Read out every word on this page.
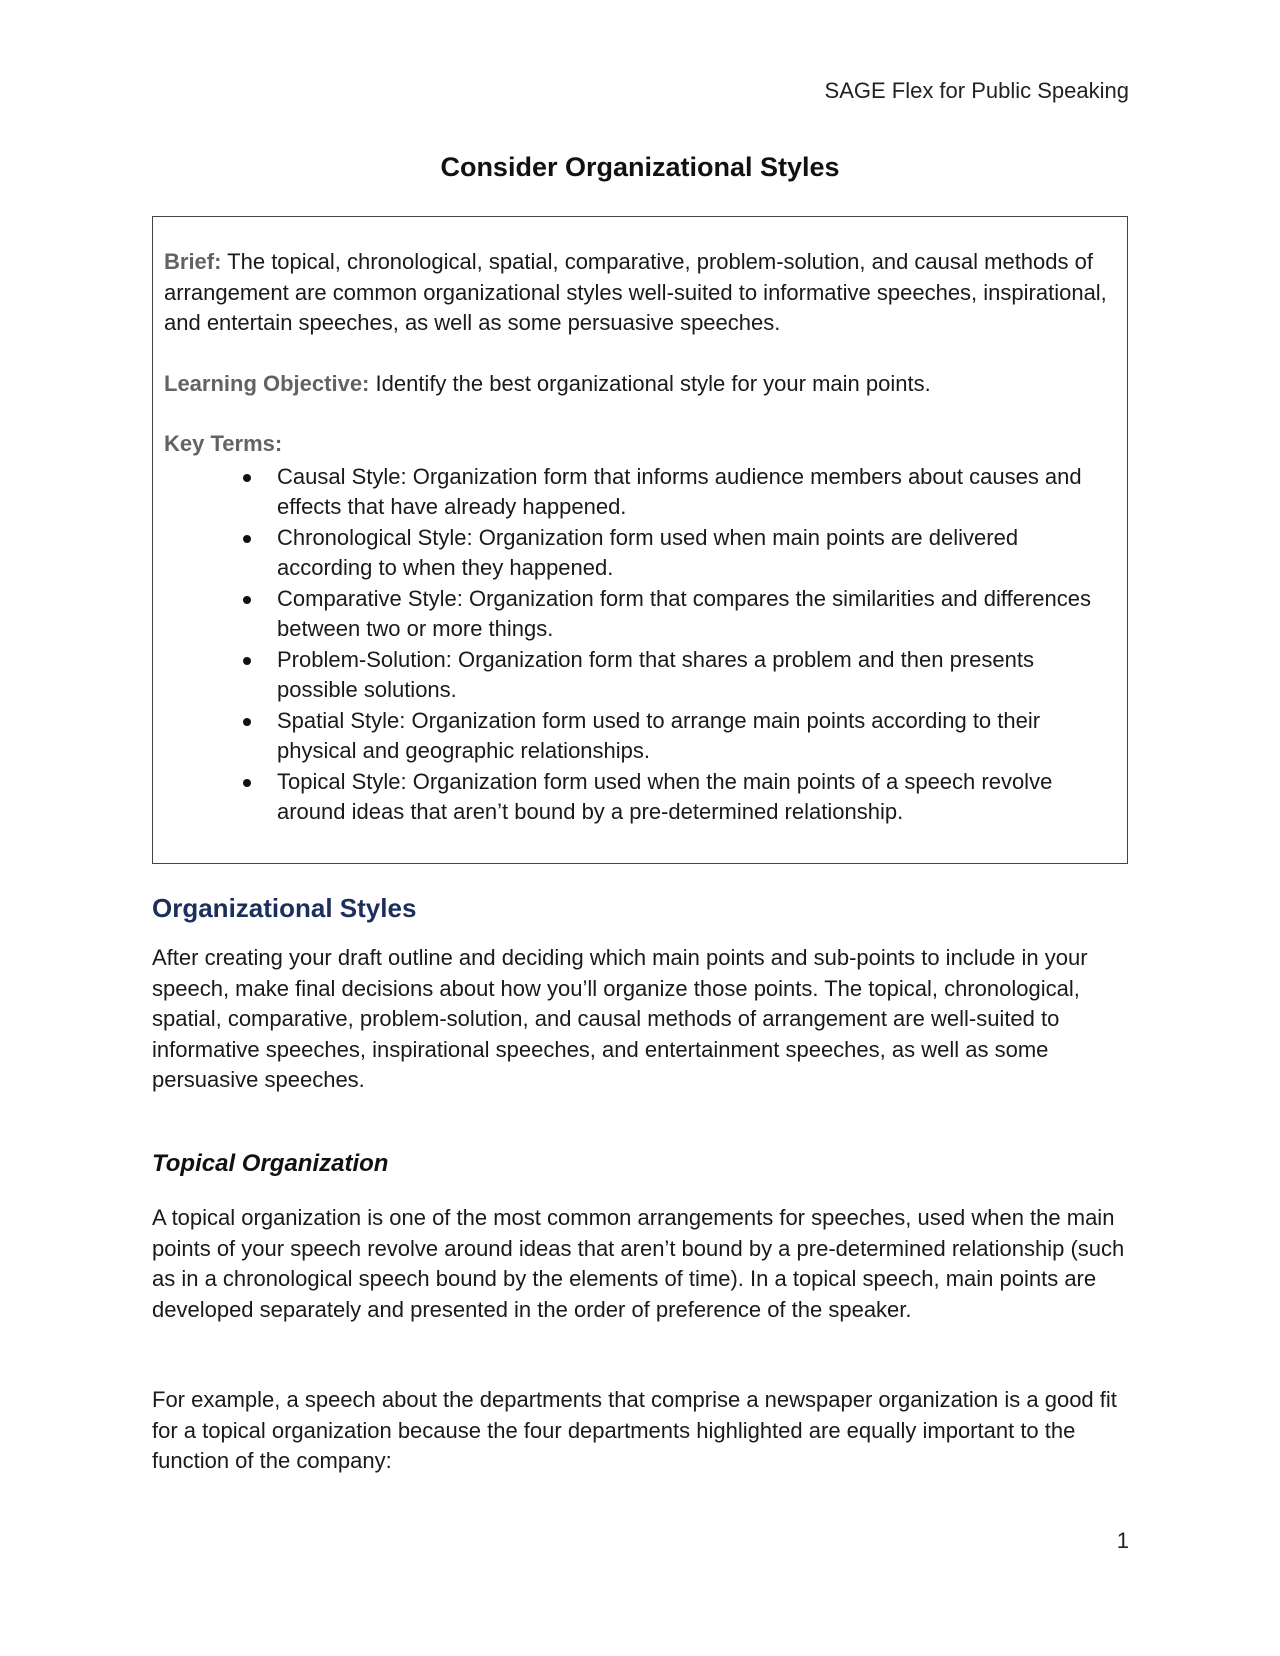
SAGE Flex for Public Speaking
Consider Organizational Styles

Brief: The topical, chronological, spatial, comparative, problem-solution, and causal methods of arrangement are common organizational styles well-suited to informative speeches, inspirational, and entertain speeches, as well as some persuasive speeches.

Learning Objective: Identify the best organizational style for your main points.

Key Terms:

Causal Style: Organization form that informs audience members about causes and effects that have already happened.
Chronological Style: Organization form used when main points are delivered according to when they happened.
Comparative Style: Organization form that compares the similarities and differences between two or more things.
Problem-Solution: Organization form that shares a problem and then presents possible solutions.
Spatial Style: Organization form used to arrange main points according to their physical and geographic relationships.
Topical Style: Organization form used when the main points of a speech revolve around ideas that aren’t bound by a pre-determined relationship.
Organizational Styles

After creating your draft outline and deciding which main points and sub-points to include in your speech, make final decisions about how you’ll organize those points. The topical, chronological, spatial, comparative, problem-solution, and causal methods of arrangement are well-suited to informative speeches, inspirational speeches, and entertainment speeches, as well as some persuasive speeches.

Topical Organization

A topical organization is one of the most common arrangements for speeches, used when the main points of your speech revolve around ideas that aren’t bound by a pre-determined relationship (such as in a chronological speech bound by the elements of time). In a topical speech, main points are developed separately and presented in the order of preference of the speaker.

For example, a speech about the departments that comprise a newspaper organization is a good fit for a topical organization because the four departments highlighted are equally important to the function of the company:

1
